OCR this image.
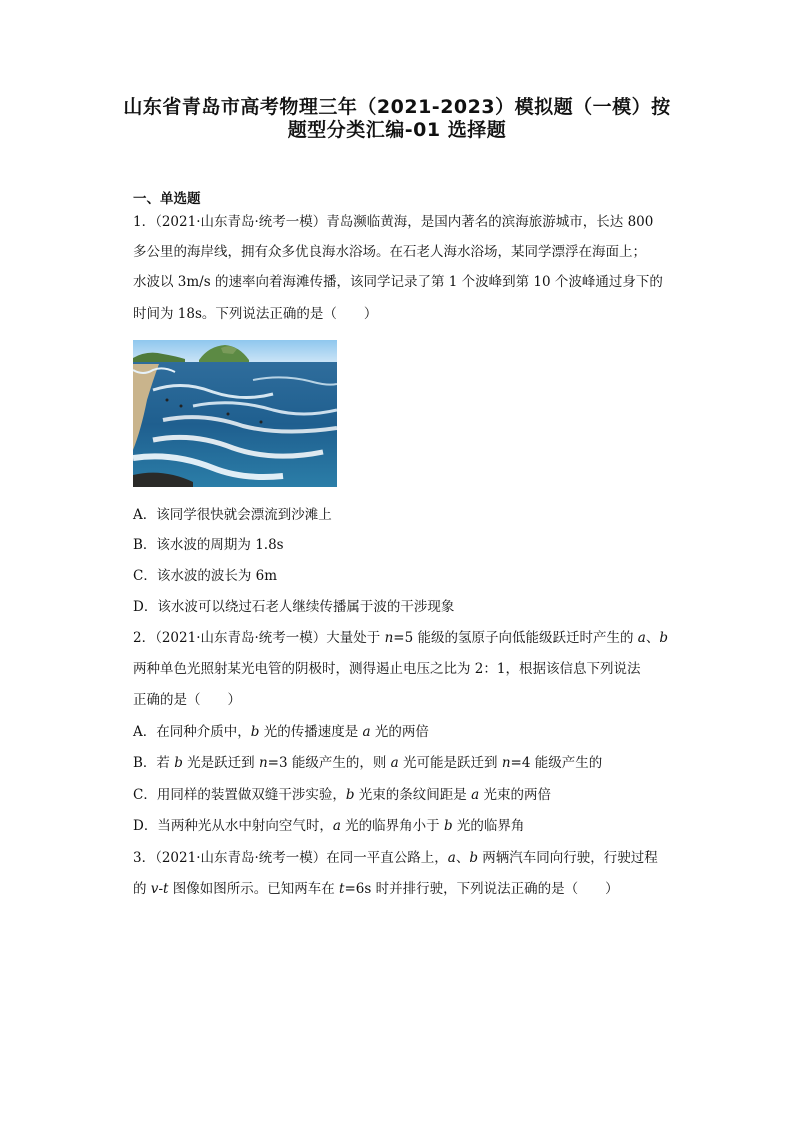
山东省青岛市高考物理三年（2021-2023）模拟题（一模）按
题型分类汇编-01 选择题
一、单选题
1．（2021·山东青岛·统考一模）青岛濒临黄海，是国内著名的滨海旅游城市，长达 800
多公里的海岸线，拥有众多优良海水浴场。在石老人海水浴场，某同学漂浮在海面上；
水波以 3m/s 的速率向着海滩传播，该同学记录了第 1 个波峰到第 10 个波峰通过身下的
时间为 18s。下列说法正确的是（　　）
A．该同学很快就会漂流到沙滩上
B．该水波的周期为 1.8s
C．该水波的波长为 6m
D．该水波可以绕过石老人继续传播属于波的干涉现象
2．（2021·山东青岛·统考一模）大量处于 n=5 能级的氢原子向低能级跃迁时产生的 a、b
两种单色光照射某光电管的阴极时，测得遏止电压之比为 2：1，根据该信息下列说法
正确的是（　　）
A．在同种介质中，b 光的传播速度是 a 光的两倍
B．若 b 光是跃迁到 n=3 能级产生的，则 a 光可能是跃迁到 n=4 能级产生的
C．用同样的装置做双缝干涉实验，b 光束的条纹间距是 a 光束的两倍
D．当两种光从水中射向空气时，a 光的临界角小于 b 光的临界角
3．（2021·山东青岛·统考一模）在同一平直公路上，a、b 两辆汽车同向行驶，行驶过程
的 v-t 图像如图所示。已知两车在 t=6s 时并排行驶，下列说法正确的是（　　）
